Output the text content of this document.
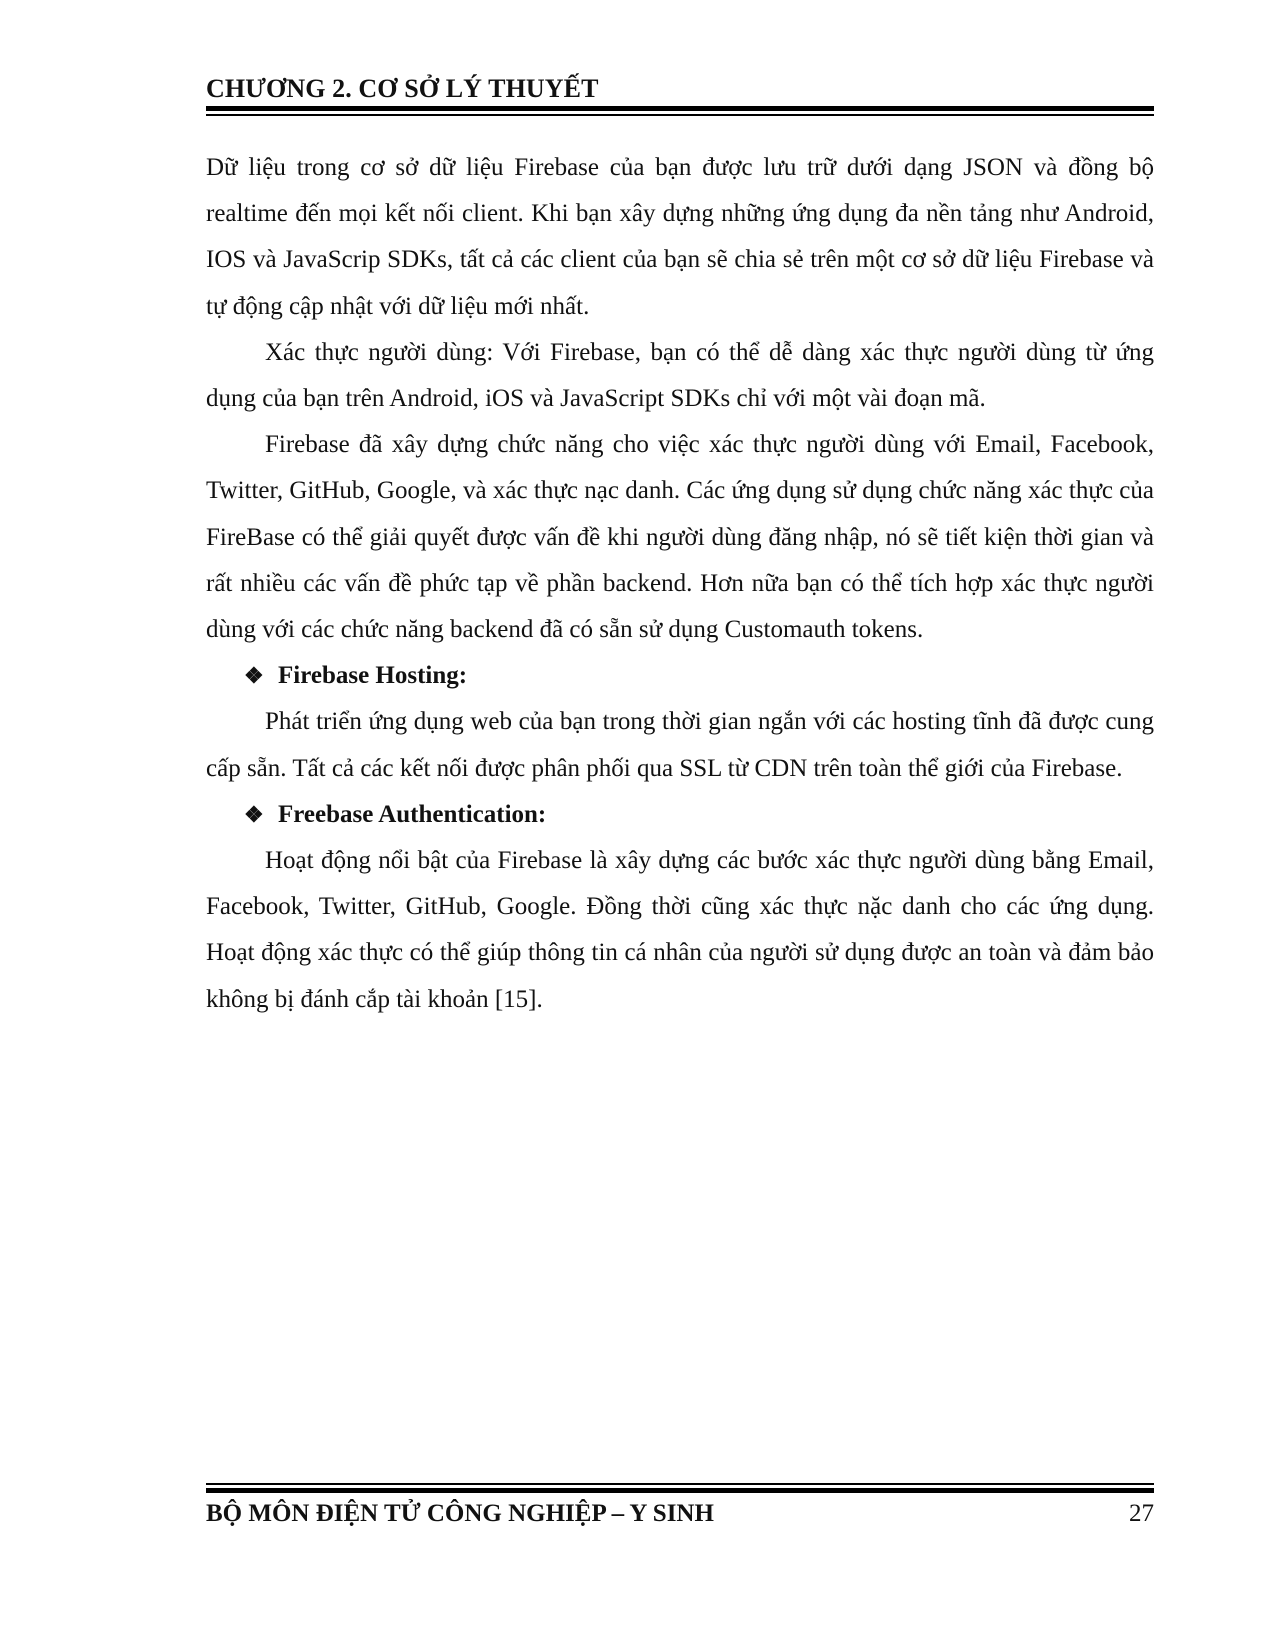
CHƯƠNG 2. CƠ SỞ LÝ THUYẾT

Dữ liệu trong cơ sở dữ liệu Firebase của bạn được lưu trữ dưới dạng JSON và đồng bộ realtime đến mọi kết nối client. Khi bạn xây dựng những ứng dụng đa nền tảng như Android, IOS và JavaScrip SDKs, tất cả các client của bạn sẽ chia sẻ trên một cơ sở dữ liệu Firebase và tự động cập nhật với dữ liệu mới nhất.

Xác thực người dùng: Với Firebase, bạn có thể dễ dàng xác thực người dùng từ ứng dụng của bạn trên Android, iOS và JavaScript SDKs chỉ với một vài đoạn mã.

Firebase đã xây dựng chức năng cho việc xác thực người dùng với Email, Facebook, Twitter, GitHub, Google, và xác thực nạc danh. Các ứng dụng sử dụng chức năng xác thực của FireBase có thể giải quyết được vấn đề khi người dùng đăng nhập, nó sẽ tiết kiện thời gian và rất nhiều các vấn đề phức tạp về phần backend. Hơn nữa bạn có thể tích hợp xác thực người dùng với các chức năng backend đã có sẵn sử dụng Customauth tokens.

❖ Firebase Hosting:

Phát triển ứng dụng web của bạn trong thời gian ngắn với các hosting tĩnh đã được cung cấp sẵn. Tất cả các kết nối được phân phối qua SSL từ CDN trên toàn thể giới của Firebase.

❖ Freebase Authentication:

Hoạt động nổi bật của Firebase là xây dựng các bước xác thực người dùng bằng Email, Facebook, Twitter, GitHub, Google. Đồng thời cũng xác thực nặc danh cho các ứng dụng. Hoạt động xác thực có thể giúp thông tin cá nhân của người sử dụng được an toàn và đảm bảo không bị đánh cắp tài khoản [15].

BỘ MÔN ĐIỆN TỬ CÔNG NGHIỆP – Y SINH	27
